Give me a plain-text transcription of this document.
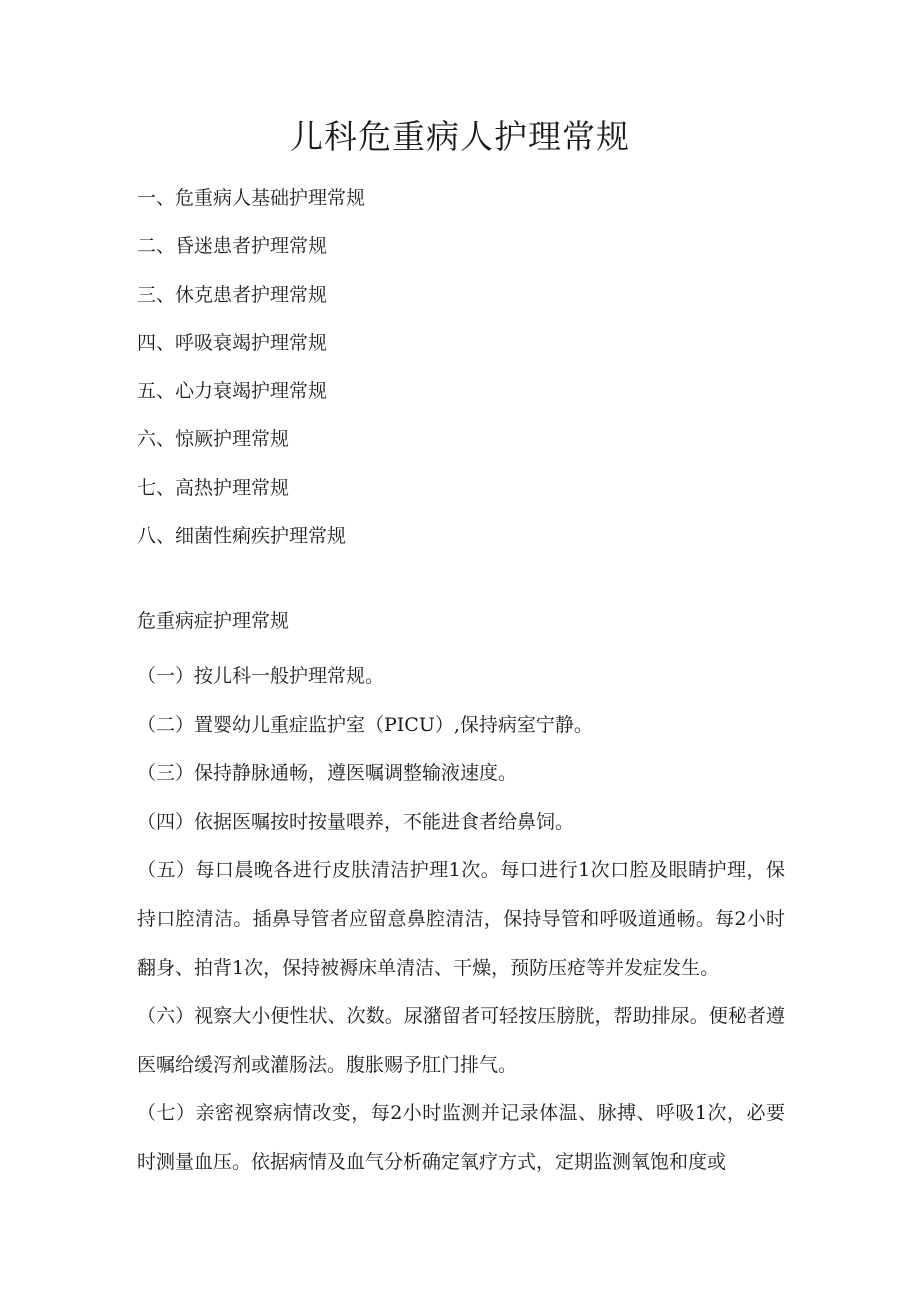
儿科危重病人护理常规
一、危重病人基础护理常规
二、昏迷患者护理常规
三、休克患者护理常规
四、呼吸衰竭护理常规
五、心力衰竭护理常规
六、惊厥护理常规
七、高热护理常规
八、细菌性痢疾护理常规
危重病症护理常规

（一）按儿科一般护理常规。

（二）置婴幼儿重症监护室（PICU）,保持病室宁静。

（三）保持静脉通畅，遵医嘱调整输液速度。

（四）依据医嘱按时按量喂养，不能进食者给鼻饲。

（五）每口晨晚各进行皮肤清洁护理1次。每口进行1次口腔及眼睛护理，保持口腔清洁。插鼻导管者应留意鼻腔清洁，保持导管和呼吸道通畅。每2小时翻身、拍背1次，保持被褥床单清洁、干燥，预防压疮等并发症发生。

（六）视察大小便性状、次数。尿潴留者可轻按压膀胱，帮助排尿。便秘者遵医嘱给缓泻剂或灌肠法。腹胀赐予肛门排气。

（七）亲密视察病情改变，每2小时监测并记录体温、脉搏、呼吸1次，必要时测量血压。依据病情及血气分析确定氧疗方式，定期监测氧饱和度或
